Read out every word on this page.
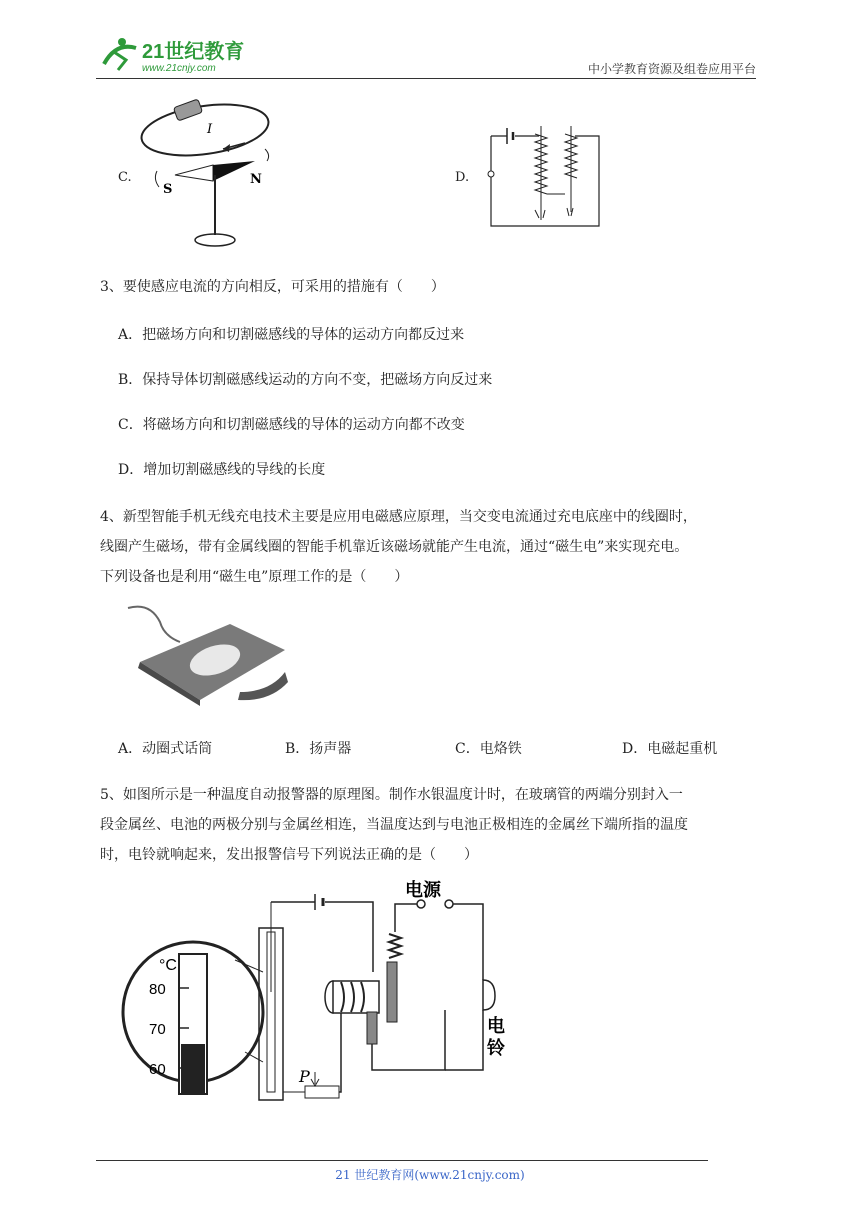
21世纪教育
www.21cnjy.com	中小学教育资源及组卷应用平台
C.
I
S
N	D.
3、要使感应电流的方向相反，可采用的措施有（　　）
A．把磁场方向和切割磁感线的导体的运动方向都反过来
B．保持导体切割磁感线运动的方向不变，把磁场方向反过来
C．将磁场方向和切割磁感线的导体的运动方向都不改变
D．增加切割磁感线的导线的长度
4、新型智能手机无线充电技术主要是应用电磁感应原理，当交变电流通过充电底座中的线圈时，
线圈产生磁场，带有金属线圈的智能手机靠近该磁场就能产生电流，通过“磁生电”来实现充电。
下列设备也是利用“磁生电”原理工作的是（　　）
A．动圈式话筒	B．扬声器	C．电烙铁	D．电磁起重机
5、如图所示是一种温度自动报警器的原理图。制作水银温度计时，在玻璃管的两端分别封入一
段金属丝、电池的两极分别与金属丝相连，当温度达到与电池正极相连的金属丝下端所指的温度
时，电铃就响起来，发出报警信号下列说法正确的是（　　）
°C
80
70
60	P
电源
电
铃
21 世纪教育网(www.21cnjy.com)
